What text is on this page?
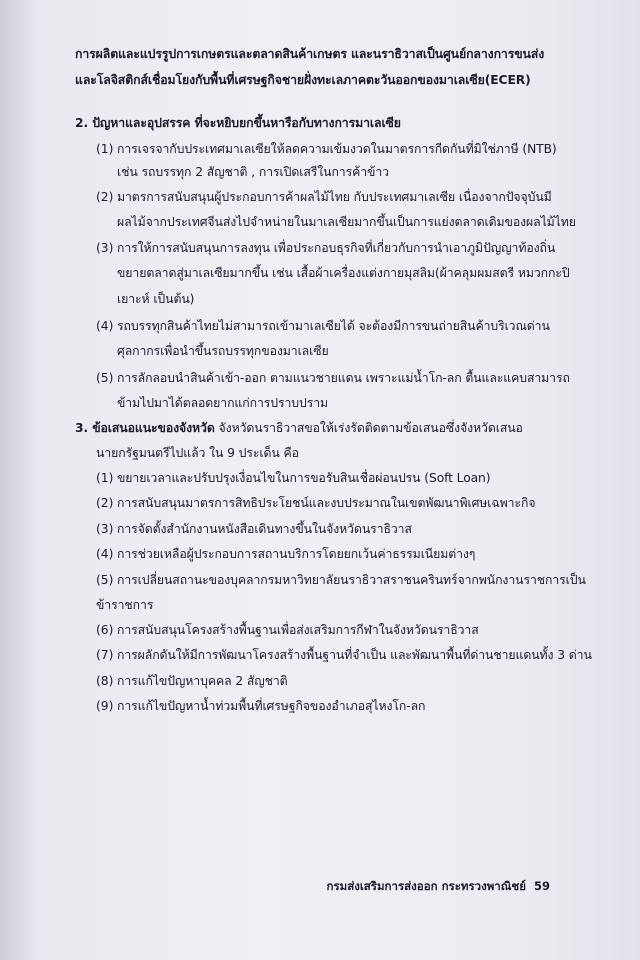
การผลิตและแปรรูปการเกษตรและตลาดสินค้าเกษตร และนราธิวาสเป็นศูนย์กลางการขนส่ง
และโลจิสติกส์เชื่อมโยงกับพื้นที่เศรษฐกิจชายฝั่งทะเลภาคตะวันออกของมาเลเซีย(ECER)
2. ปัญหาและอุปสรรค ที่จะหยิบยกขึ้นหารือกับทางการมาเลเซีย
(1) การเจรจากับประเทศมาเลเซียให้ลดความเข้มงวดในมาตรการกีดกันที่มิใช่ภาษี (NTB)
เช่น รถบรรทุก 2 สัญชาติ , การเปิดเสรีในการค้าข้าว
(2) มาตรการสนับสนุนผู้ประกอบการค้าผลไม้ไทย กับประเทศมาเลเซีย เนื่องจากปัจจุบันมี
ผลไม้จากประเทศจีนส่งไปจำหน่ายในมาเลเซียมากขึ้นเป็นการแย่งตลาดเดิมของผลไม้ไทย
(3) การให้การสนับสนุนการลงทุน เพื่อประกอบธุรกิจที่เกี่ยวกับการนำเอาภูมิปัญญาท้องถิ่น
ขยายตลาดสู่มาเลเซียมากขึ้น เช่น เสื้อผ้าเครื่องแต่งกายมุสลิม(ผ้าคลุมผมสตรี หมวกกะปิ
เยาะห์ เป็นต้น)
(4) รถบรรทุกสินค้าไทยไม่สามารถเข้ามาเลเซียได้ จะต้องมีการขนถ่ายสินค้าบริเวณด่าน
ศุลกากรเพื่อนำขึ้นรถบรรทุกของมาเลเซีย
(5) การลักลอบนำสินค้าเข้า-ออก ตามแนวชายแดน เพราะแม่น้ำโก-ลก ตื้นและแคบสามารถ
ข้ามไปมาได้ตลอดยากแก่การปราบปราม
3. ข้อเสนอแนะของจังหวัด จังหวัดนราธิวาสขอให้เร่งรัดติดตามข้อเสนอซึ่งจังหวัดเสนอ
นายกรัฐมนตรีไปแล้ว ใน 9 ประเด็น คือ
(1) ขยายเวลาและปรับปรุงเงื่อนไขในการขอรับสินเชื่อผ่อนปรน (Soft Loan)
(2) การสนับสนุนมาตรการสิทธิประโยชน์และงบประมาณในเขตพัฒนาพิเศษเฉพาะกิจ
(3) การจัดตั้งสำนักงานหนังสือเดินทางขึ้นในจังหวัดนราธิวาส
(4) การช่วยเหลือผู้ประกอบการสถานบริการโดยยกเว้นค่าธรรมเนียมต่างๆ
(5) การเปลี่ยนสถานะของบุคลากรมหาวิทยาลัยนราธิวาสราชนครินทร์จากพนักงานราชการเป็น
ข้าราชการ
(6) การสนับสนุนโครงสร้างพื้นฐานเพื่อส่งเสริมการกีฬาในจังหวัดนราธิวาส
(7) การผลักดันให้มีการพัฒนาโครงสร้างพื้นฐานที่จำเป็น และพัฒนาพื้นที่ด่านชายแดนทั้ง 3 ด่าน
(8) การแก้ไขปัญหาบุคคล 2 สัญชาติ
(9) การแก้ไขปัญหาน้ำท่วมพื้นที่เศรษฐกิจของอำเภอสุไหงโก-ลก
กรมส่งเสริมการส่งออก กระทรวงพาณิชย์ 59
